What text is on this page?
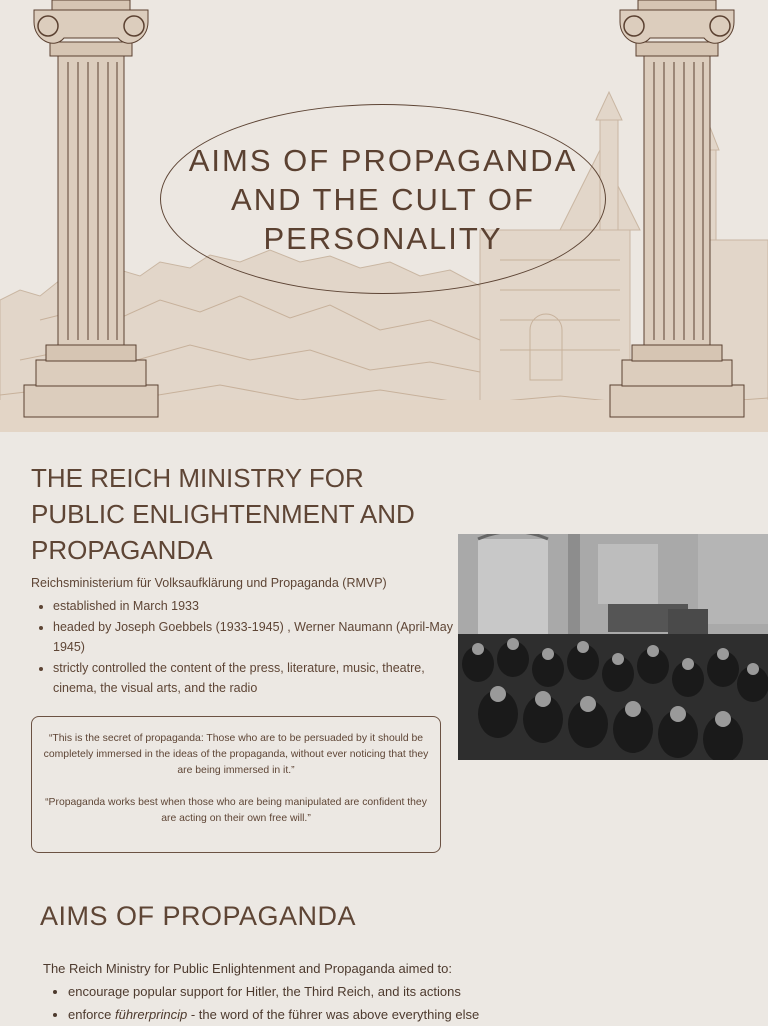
AIMS OF PROPAGANDA
AND THE CULT OF
PERSONALITY
THE REICH MINISTRY FOR
PUBLIC ENLIGHTENMENT AND
PROPAGANDA
Reichsministerium für Volksaufklärung und Propaganda (RMVP)
• established in March 1933
• headed by Joseph Goebbels (1933-1945) , Werner Naumann (April-May 1945)
• strictly controlled the content of the press, literature, music, theatre, cinema, the visual arts, and the radio

“This is the secret of propaganda: Those who are to be persuaded by it should be completely immersed in the ideas of the propaganda, without ever noticing that they are being immersed in it.”

“Propaganda works best when those who are being manipulated are confident they are acting on their own free will.”

AIMS OF PROPAGANDA
The Reich Ministry for Public Enlightenment and Propaganda aimed to:
• encourage popular support for Hitler, the Third Reich, and its actions
• enforce führerprincip - the word of the führer was above everything else
